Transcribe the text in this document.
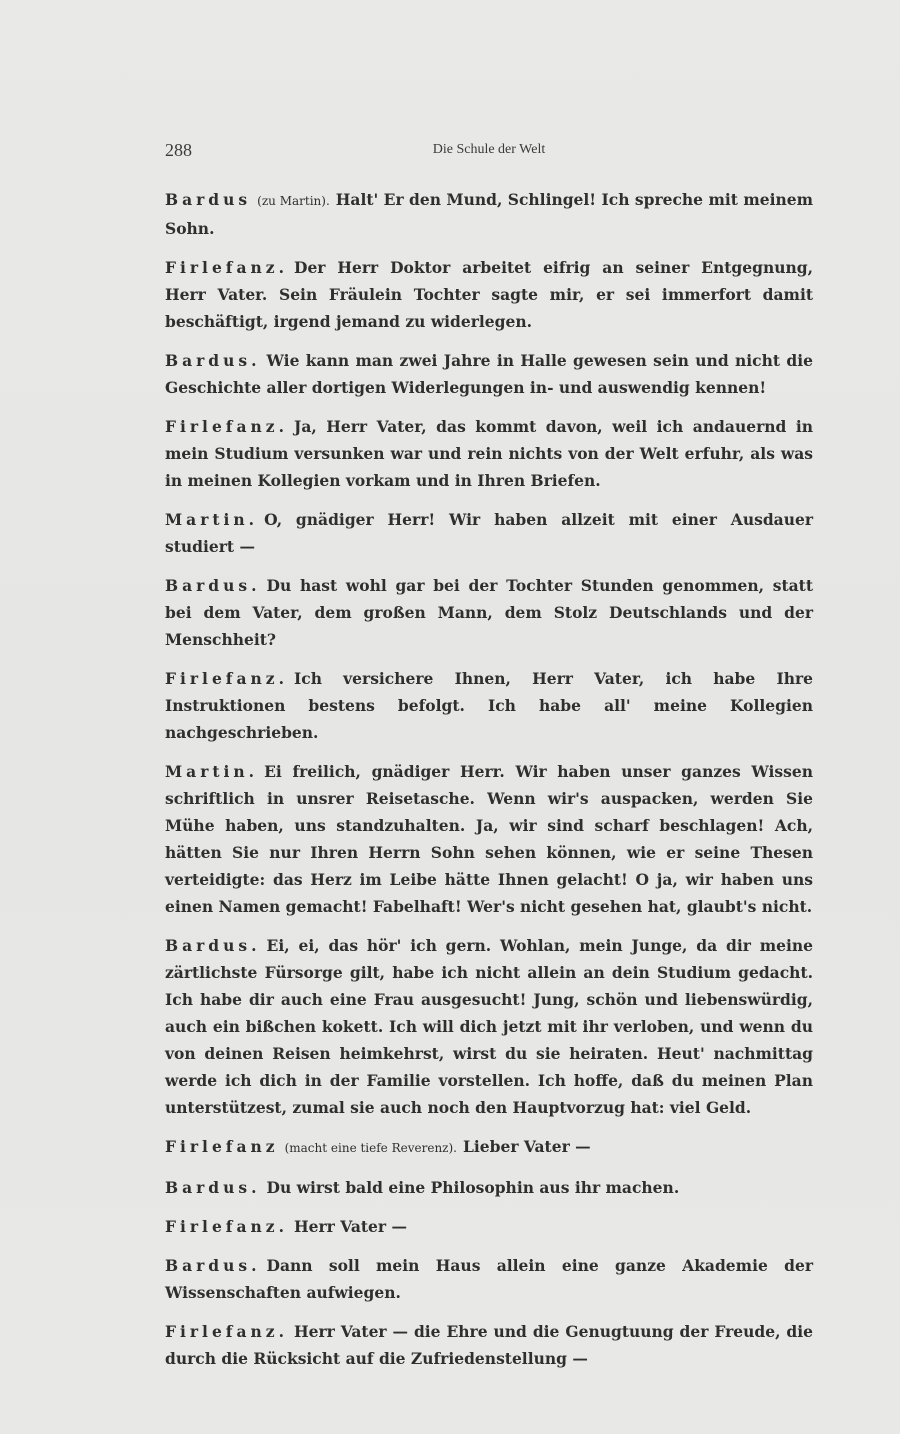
288	Die Schule der Welt

Bardus (zu Martin). Halt' Er den Mund, Schlingel! Ich spreche mit meinem Sohn.

Firlefanz. Der Herr Doktor arbeitet eifrig an seiner Entgegnung, Herr Vater. Sein Fräulein Tochter sagte mir, er sei immerfort damit beschäftigt, irgend jemand zu widerlegen.

Bardus. Wie kann man zwei Jahre in Halle gewesen sein und nicht die Geschichte aller dortigen Widerlegungen in- und auswendig kennen!

Firlefanz. Ja, Herr Vater, das kommt davon, weil ich andauernd in mein Studium versunken war und rein nichts von der Welt erfuhr, als was in meinen Kollegien vorkam und in Ihren Briefen.

Martin. O, gnädiger Herr! Wir haben allzeit mit einer Ausdauer studiert —

Bardus. Du hast wohl gar bei der Tochter Stunden genommen, statt bei dem Vater, dem großen Mann, dem Stolz Deutschlands und der Menschheit?

Firlefanz. Ich versichere Ihnen, Herr Vater, ich habe Ihre Instruktionen bestens befolgt. Ich habe all' meine Kollegien nachgeschrieben.

Martin. Ei freilich, gnädiger Herr. Wir haben unser ganzes Wissen schriftlich in unsrer Reisetasche. Wenn wir's auspacken, werden Sie Mühe haben, uns standzuhalten. Ja, wir sind scharf beschlagen! Ach, hätten Sie nur Ihren Herrn Sohn sehen können, wie er seine Thesen verteidigte: das Herz im Leibe hätte Ihnen gelacht! O ja, wir haben uns einen Namen gemacht! Fabelhaft! Wer's nicht gesehen hat, glaubt's nicht.

Bardus. Ei, ei, das hör' ich gern. Wohlan, mein Junge, da dir meine zärtlichste Fürsorge gilt, habe ich nicht allein an dein Studium gedacht. Ich habe dir auch eine Frau ausgesucht! Jung, schön und liebenswürdig, auch ein bißchen kokett. Ich will dich jetzt mit ihr verloben, und wenn du von deinen Reisen heimkehrst, wirst du sie heiraten. Heut' nachmittag werde ich dich in der Familie vorstellen. Ich hoffe, daß du meinen Plan unterstützest, zumal sie auch noch den Hauptvorzug hat: viel Geld.

Firlefanz (macht eine tiefe Reverenz). Lieber Vater —

Bardus. Du wirst bald eine Philosophin aus ihr machen.

Firlefanz. Herr Vater —

Bardus. Dann soll mein Haus allein eine ganze Akademie der Wissenschaften aufwiegen.

Firlefanz. Herr Vater — die Ehre und die Genugtuung der Freude, die durch die Rücksicht auf die Zufriedenstellung —
